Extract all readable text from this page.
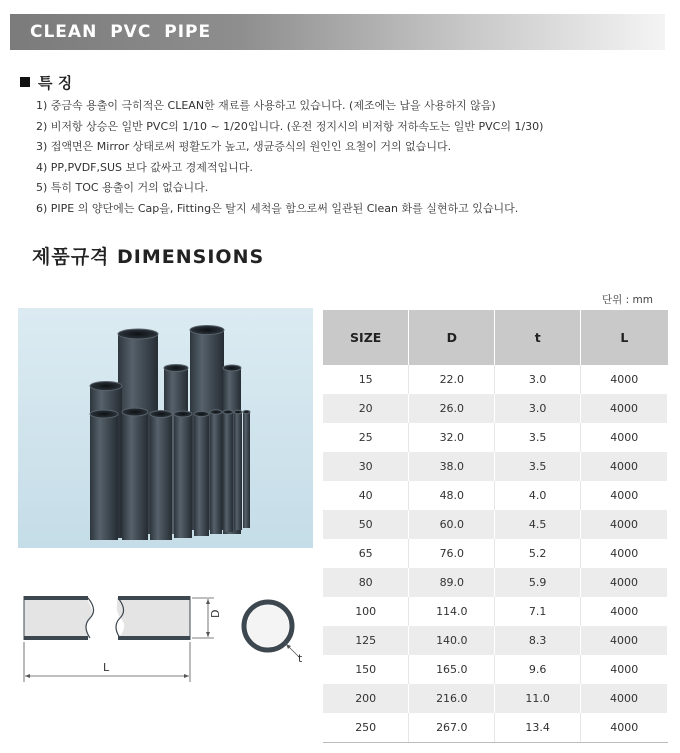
CLEAN PVC PIPE
특 징
1) 중금속 용출이 극히적은 CLEAN한 재료를 사용하고 있습니다. (제조에는 납을 사용하지 않음)
2) 비저항 상승은 일반 PVC의 1/10 ~ 1/20입니다. (운전 정지시의 비저항 저하속도는 일반 PVC의 1/30)
3) 접액면은 Mirror 상태로써 평활도가 높고, 생균증식의 원인인 요철이 거의 없습니다.
4) PP,PVDF,SUS 보다 값싸고 경제적입니다.
5) 특히 TOC 용출이 거의 없습니다.
6) PIPE 의 양단에는 Cap을, Fitting은 탈지 세척을 함으로써 일관된 Clean 화를 실현하고 있습니다.
제품규격 DIMENSIONS
단위 : mm
D
L
t
SIZE	D	t	L
15	22.0	3.0	4000
20	26.0	3.0	4000
25	32.0	3.5	4000
30	38.0	3.5	4000
40	48.0	4.0	4000
50	60.0	4.5	4000
65	76.0	5.2	4000
80	89.0	5.9	4000
100	114.0	7.1	4000
125	140.0	8.3	4000
150	165.0	9.6	4000
200	216.0	11.0	4000
250	267.0	13.4	4000
